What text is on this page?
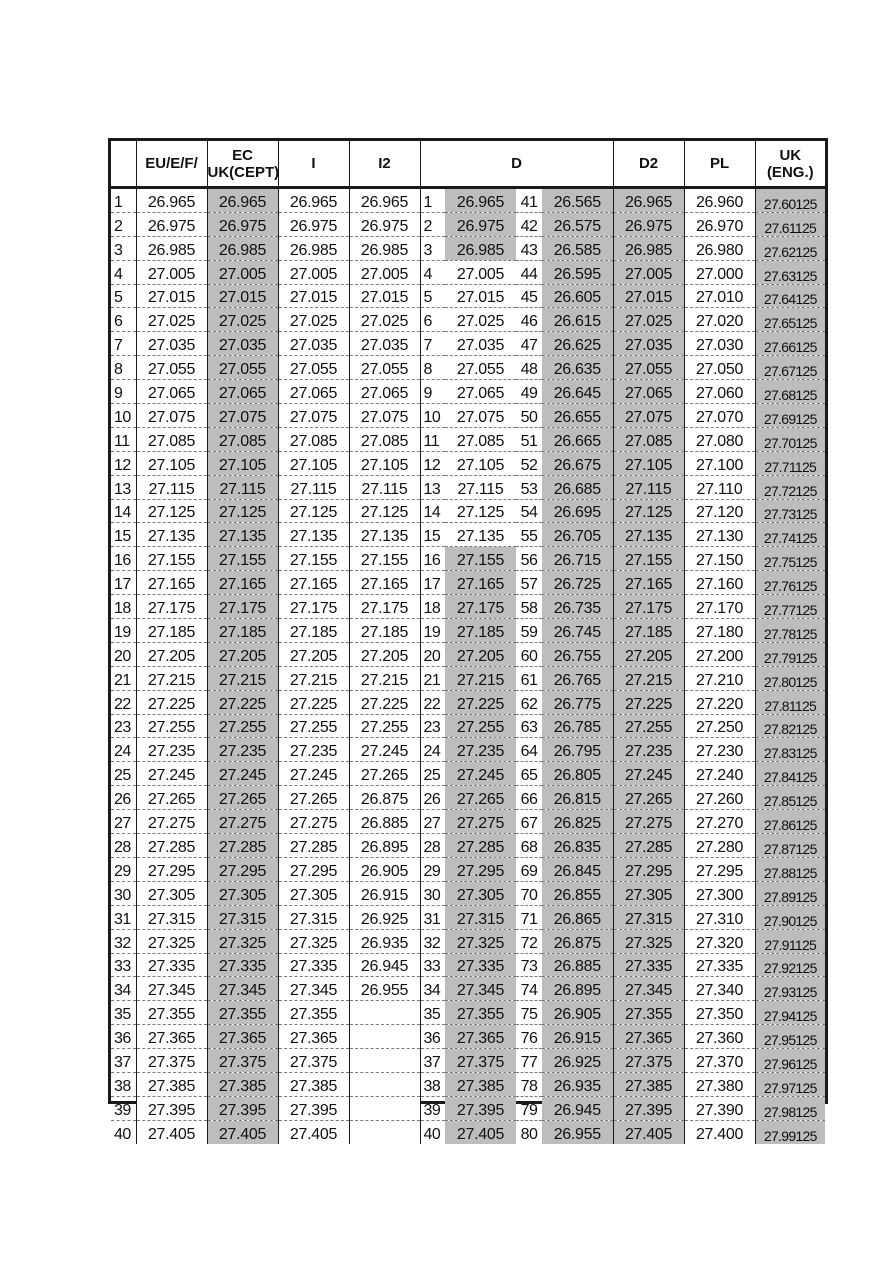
	EU/E/F/	EC
UK(CEPT)	I	I2	D				D2	PL	UK
(ENG.)
1	26.965	26.965	26.965	26.965	1	26.965	41	26.565	26.965	26.960	27.60125
2	26.975	26.975	26.975	26.975	2	26.975	42	26.575	26.975	26.970	27.61125
3	26.985	26.985	26.985	26.985	3	26.985	43	26.585	26.985	26.980	27.62125
4	27.005	27.005	27.005	27.005	4	27.005	44	26.595	27.005	27.000	27.63125
5	27.015	27.015	27.015	27.015	5	27.015	45	26.605	27.015	27.010	27.64125
6	27.025	27.025	27.025	27.025	6	27.025	46	26.615	27.025	27.020	27.65125
7	27.035	27.035	27.035	27.035	7	27.035	47	26.625	27.035	27.030	27.66125
8	27.055	27.055	27.055	27.055	8	27.055	48	26.635	27.055	27.050	27.67125
9	27.065	27.065	27.065	27.065	9	27.065	49	26.645	27.065	27.060	27.68125
10	27.075	27.075	27.075	27.075	10	27.075	50	26.655	27.075	27.070	27.69125
11	27.085	27.085	27.085	27.085	11	27.085	51	26.665	27.085	27.080	27.70125
12	27.105	27.105	27.105	27.105	12	27.105	52	26.675	27.105	27.100	27.71125
13	27.115	27.115	27.115	27.115	13	27.115	53	26.685	27.115	27.110	27.72125
14	27.125	27.125	27.125	27.125	14	27.125	54	26.695	27.125	27.120	27.73125
15	27.135	27.135	27.135	27.135	15	27.135	55	26.705	27.135	27.130	27.74125
16	27.155	27.155	27.155	27.155	16	27.155	56	26.715	27.155	27.150	27.75125
17	27.165	27.165	27.165	27.165	17	27.165	57	26.725	27.165	27.160	27.76125
18	27.175	27.175	27.175	27.175	18	27.175	58	26.735	27.175	27.170	27.77125
19	27.185	27.185	27.185	27.185	19	27.185	59	26.745	27.185	27.180	27.78125
20	27.205	27.205	27.205	27.205	20	27.205	60	26.755	27.205	27.200	27.79125
21	27.215	27.215	27.215	27.215	21	27.215	61	26.765	27.215	27.210	27.80125
22	27.225	27.225	27.225	27.225	22	27.225	62	26.775	27.225	27.220	27.81125
23	27.255	27.255	27.255	27.255	23	27.255	63	26.785	27.255	27.250	27.82125
24	27.235	27.235	27.235	27.245	24	27.235	64	26.795	27.235	27.230	27.83125
25	27.245	27.245	27.245	27.265	25	27.245	65	26.805	27.245	27.240	27.84125
26	27.265	27.265	27.265	26.875	26	27.265	66	26.815	27.265	27.260	27.85125
27	27.275	27.275	27.275	26.885	27	27.275	67	26.825	27.275	27.270	27.86125
28	27.285	27.285	27.285	26.895	28	27.285	68	26.835	27.285	27.280	27.87125
29	27.295	27.295	27.295	26.905	29	27.295	69	26.845	27.295	27.295	27.88125
30	27.305	27.305	27.305	26.915	30	27.305	70	26.855	27.305	27.300	27.89125
31	27.315	27.315	27.315	26.925	31	27.315	71	26.865	27.315	27.310	27.90125
32	27.325	27.325	27.325	26.935	32	27.325	72	26.875	27.325	27.320	27.91125
33	27.335	27.335	27.335	26.945	33	27.335	73	26.885	27.335	27.335	27.92125
34	27.345	27.345	27.345	26.955	34	27.345	74	26.895	27.345	27.340	27.93125
35	27.355	27.355	27.355		35	27.355	75	26.905	27.355	27.350	27.94125
36	27.365	27.365	27.365		36	27.365	76	26.915	27.365	27.360	27.95125
37	27.375	27.375	27.375		37	27.375	77	26.925	27.375	27.370	27.96125
38	27.385	27.385	27.385		38	27.385	78	26.935	27.385	27.380	27.97125
39	27.395	27.395	27.395		39	27.395	79	26.945	27.395	27.390	27.98125
40	27.405	27.405	27.405		40	27.405	80	26.955	27.405	27.400	27.99125
